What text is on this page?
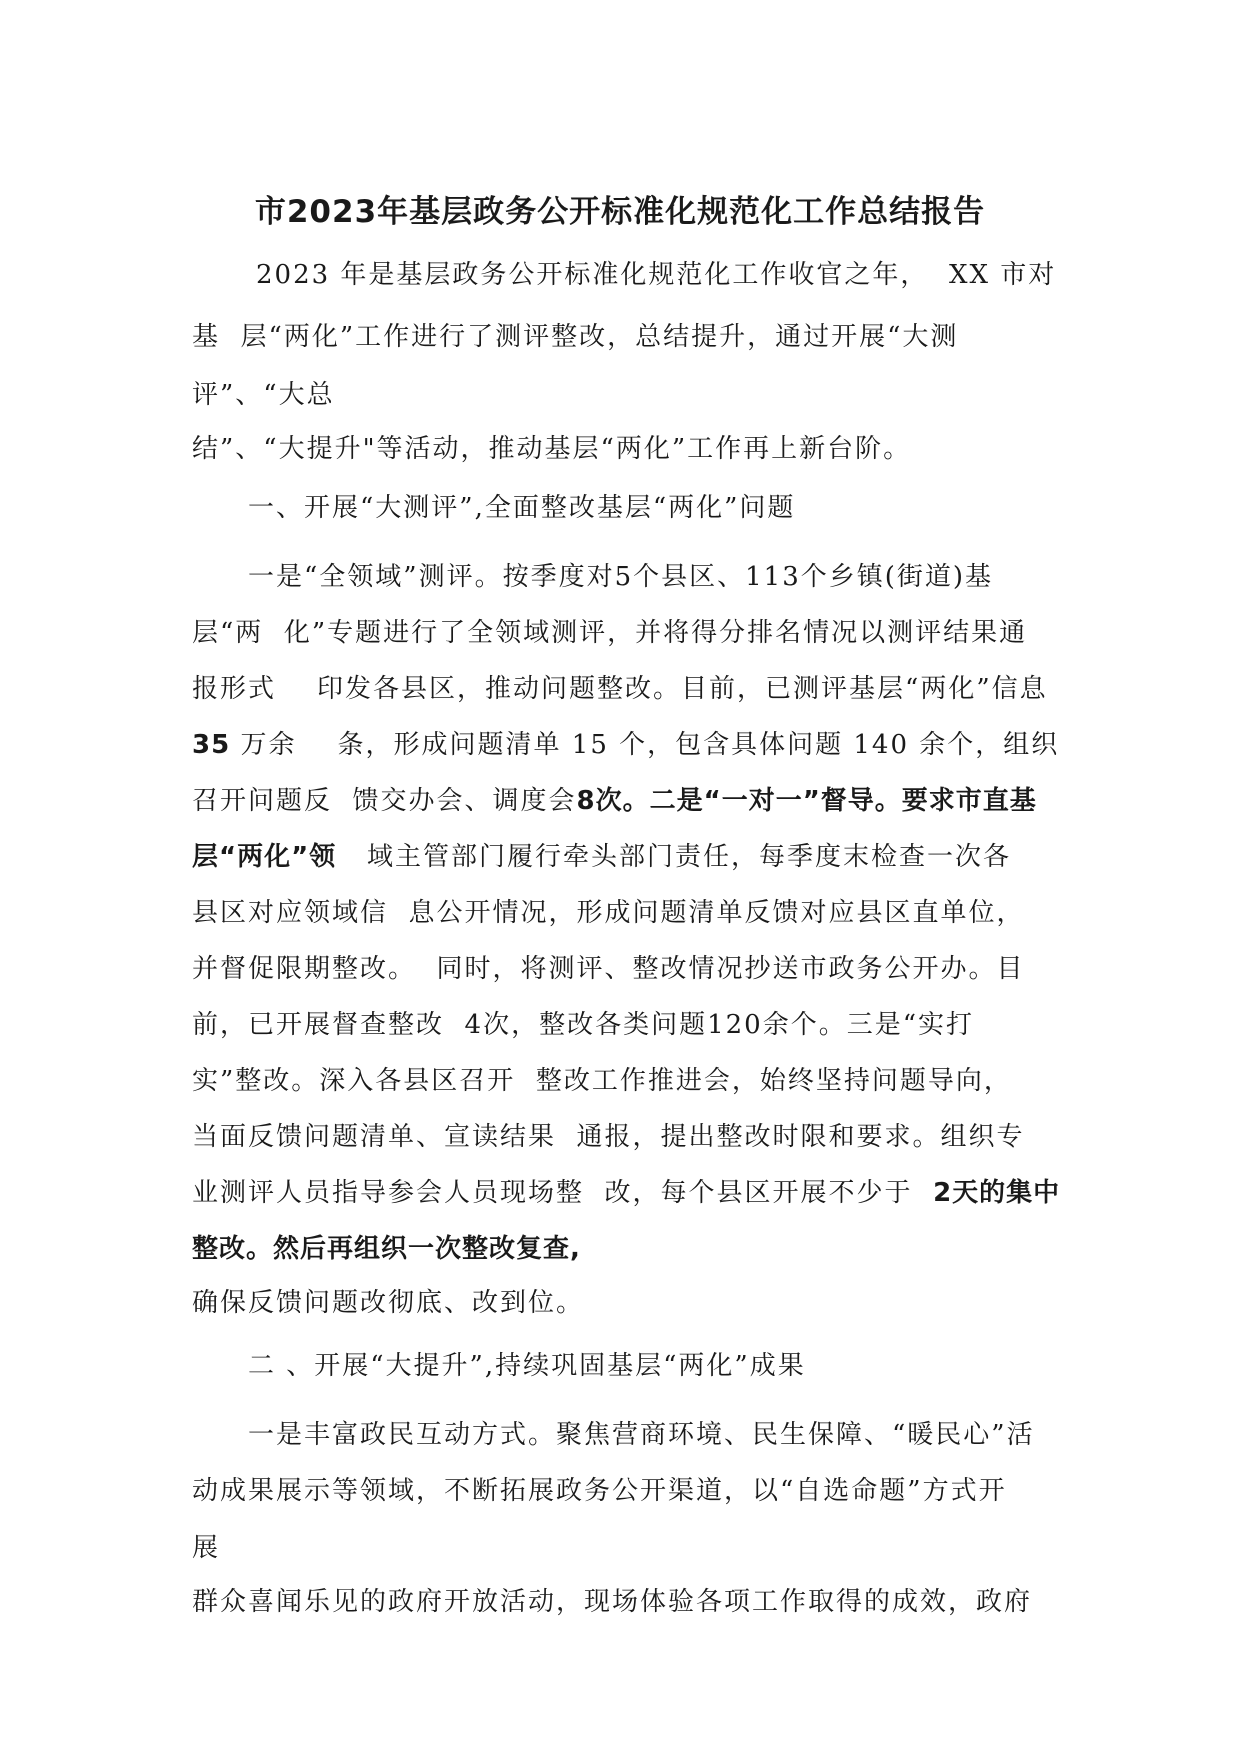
市2023年基层政务公开标准化规范化工作总结报告
2023 年是基层政务公开标准化规范化工作收官之年，  XX 市对
基  层“两化”工作进行了测评整改，总结提升，通过开展“大测
评”、“大总
结”、“大提升"等活动，推动基层“两化”工作再上新台阶。
一、开展“大测评”,全面整改基层“两化”问题
一是“全领域”测评。按季度对5个县区、113个乡镇(街道)基
层“两  化”专题进行了全领域测评，并将得分排名情况以测评结果通
报形式    印发各县区，推动问题整改。目前，已测评基层“两化”信息
35 万余    条，形成问题清单 15 个，包含具体问题 140 余个，组织
召开问题反  馈交办会、调度会8次。二是“一对一”督导。要求市直基
层“两化”领   域主管部门履行牵头部门责任，每季度末检查一次各
县区对应领域信  息公开情况，形成问题清单反馈对应县区直单位，
并督促限期整改。  同时，将测评、整改情况抄送市政务公开办。目
前，已开展督查整改  4次，整改各类问题120余个。三是“实打
实”整改。深入各县区召开  整改工作推进会，始终坚持问题导向，
当面反馈问题清单、宣读结果  通报，提出整改时限和要求。组织专
业测评人员指导参会人员现场整  改，每个县区开展不少于  2天的集中
整改。然后再组织一次整改复查,
确保反馈问题改彻底、改到位。
二 、开展“大提升”,持续巩固基层“两化”成果
一是丰富政民互动方式。聚焦营商环境、民生保障、“暖民心”活
动成果展示等领域，不断拓展政务公开渠道，以“自选命题”方式开
展
群众喜闻乐见的政府开放活动，现场体验各项工作取得的成效，政府
